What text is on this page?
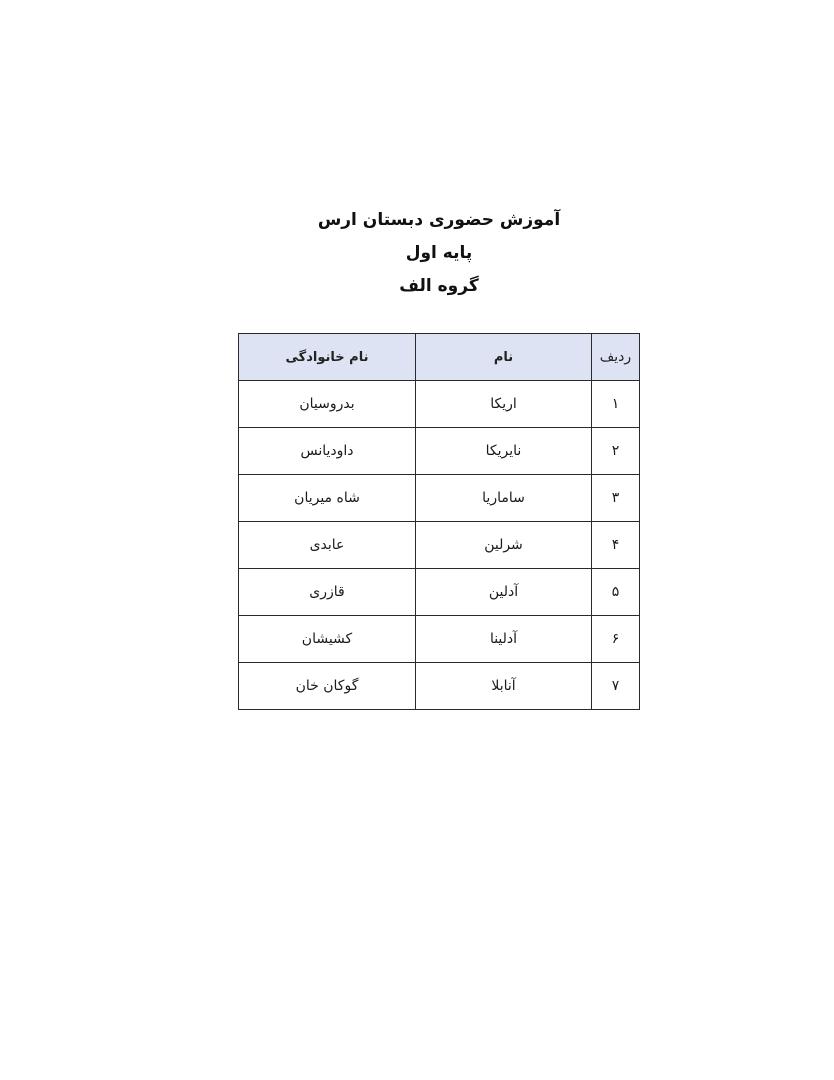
آموزش حضوری دبستان ارس
پایه اول
گروه الف
ردیف	نام	نام خانوادگی
۱	اریکا	بدروسیان
۲	نایریکا	داودیانس
۳	ساماریا	شاه میریان
۴	شرلین	عابدی
۵	آدلین	قازری
۶	آدلینا	کشیشان
۷	آنابلا	گوکان خان
